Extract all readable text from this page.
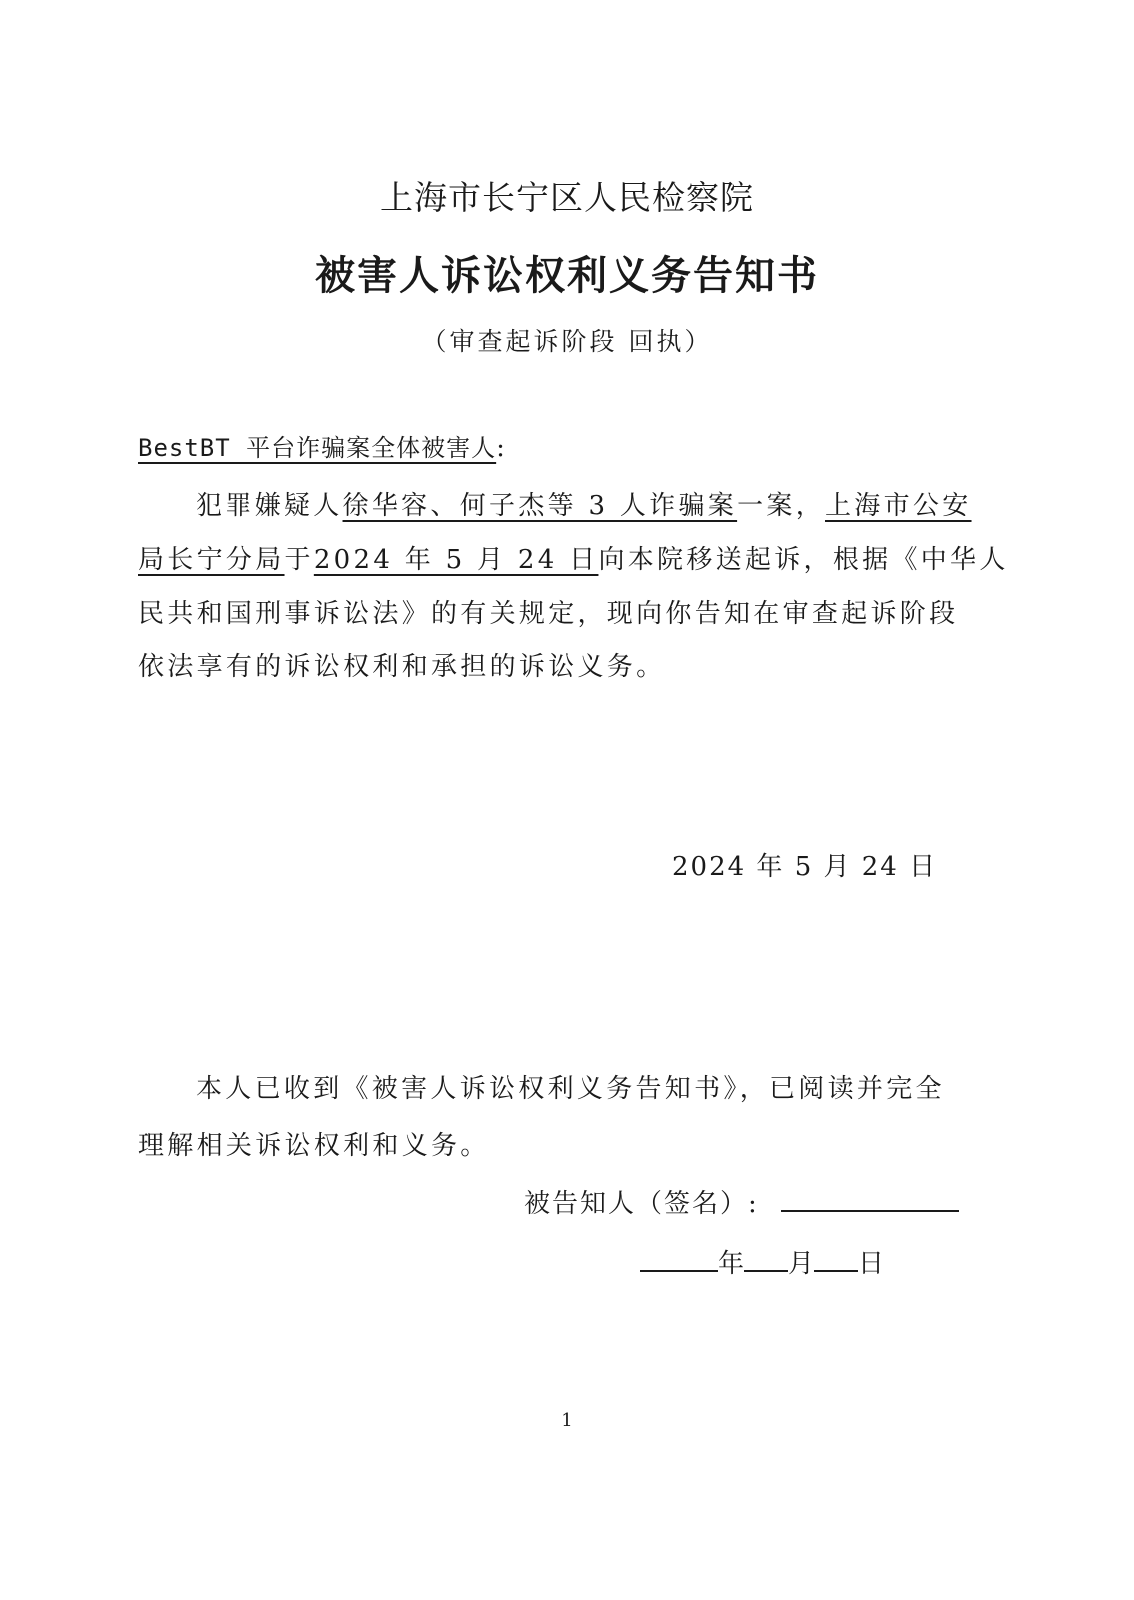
上海市长宁区人民检察院
被害人诉讼权利义务告知书
（审查起诉阶段 回执）
BestBT 平台诈骗案全体被害人:
犯罪嫌疑人徐华容、何子杰等 3 人诈骗案一案，上海市公安
局长宁分局于2024 年 5 月 24 日向本院移送起诉，根据《中华人
民共和国刑事诉讼法》的有关规定，现向你告知在审查起诉阶段
依法享有的诉讼权利和承担的诉讼义务。
2024 年 5 月 24 日
本人已收到《被害人诉讼权利义务告知书》，已阅读并完全
理解相关诉讼权利和义务。
被告知人（签名）:
年 月 日
1
